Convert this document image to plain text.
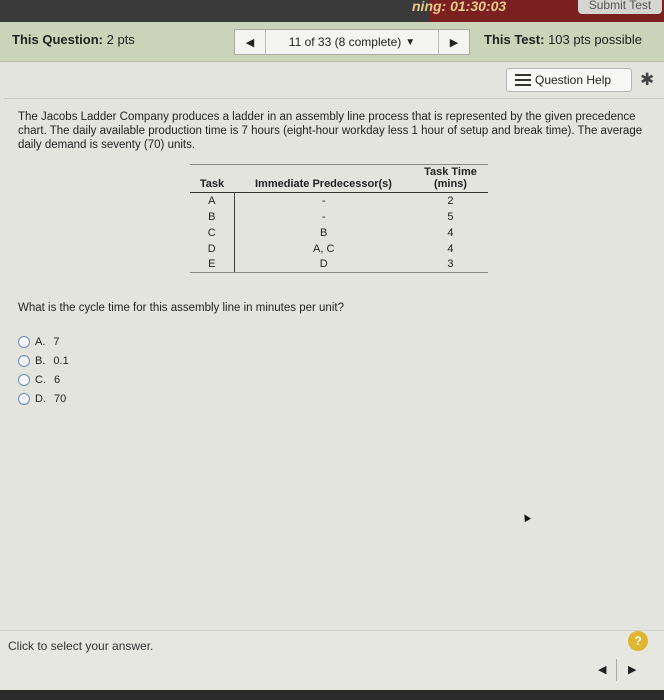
ning: 01:30:03	Submit Test
This Question: 2 pts	◀	11 of 33 (8 complete) ▼	▶	This Test: 103 pts possible
Question Help ✱

The Jacobs Ladder Company produces a ladder in an assembly line process that is represented by the given precedence chart. The daily available production time is 7 hours (eight-hour workday less 1 hour of setup and break time). The average daily demand is seventy (70) units.

Task	Immediate Predecessor(s)	Task Time
(mins)
A	-	2
B	-	5
C	B	4
D	A, C	4
E	D	3

What is the cycle time for this assembly line in minutes per unit?

A. 7
B. 0.1
C. 6
D. 70
▲
Click to select your answer.	?
◀ ▶
